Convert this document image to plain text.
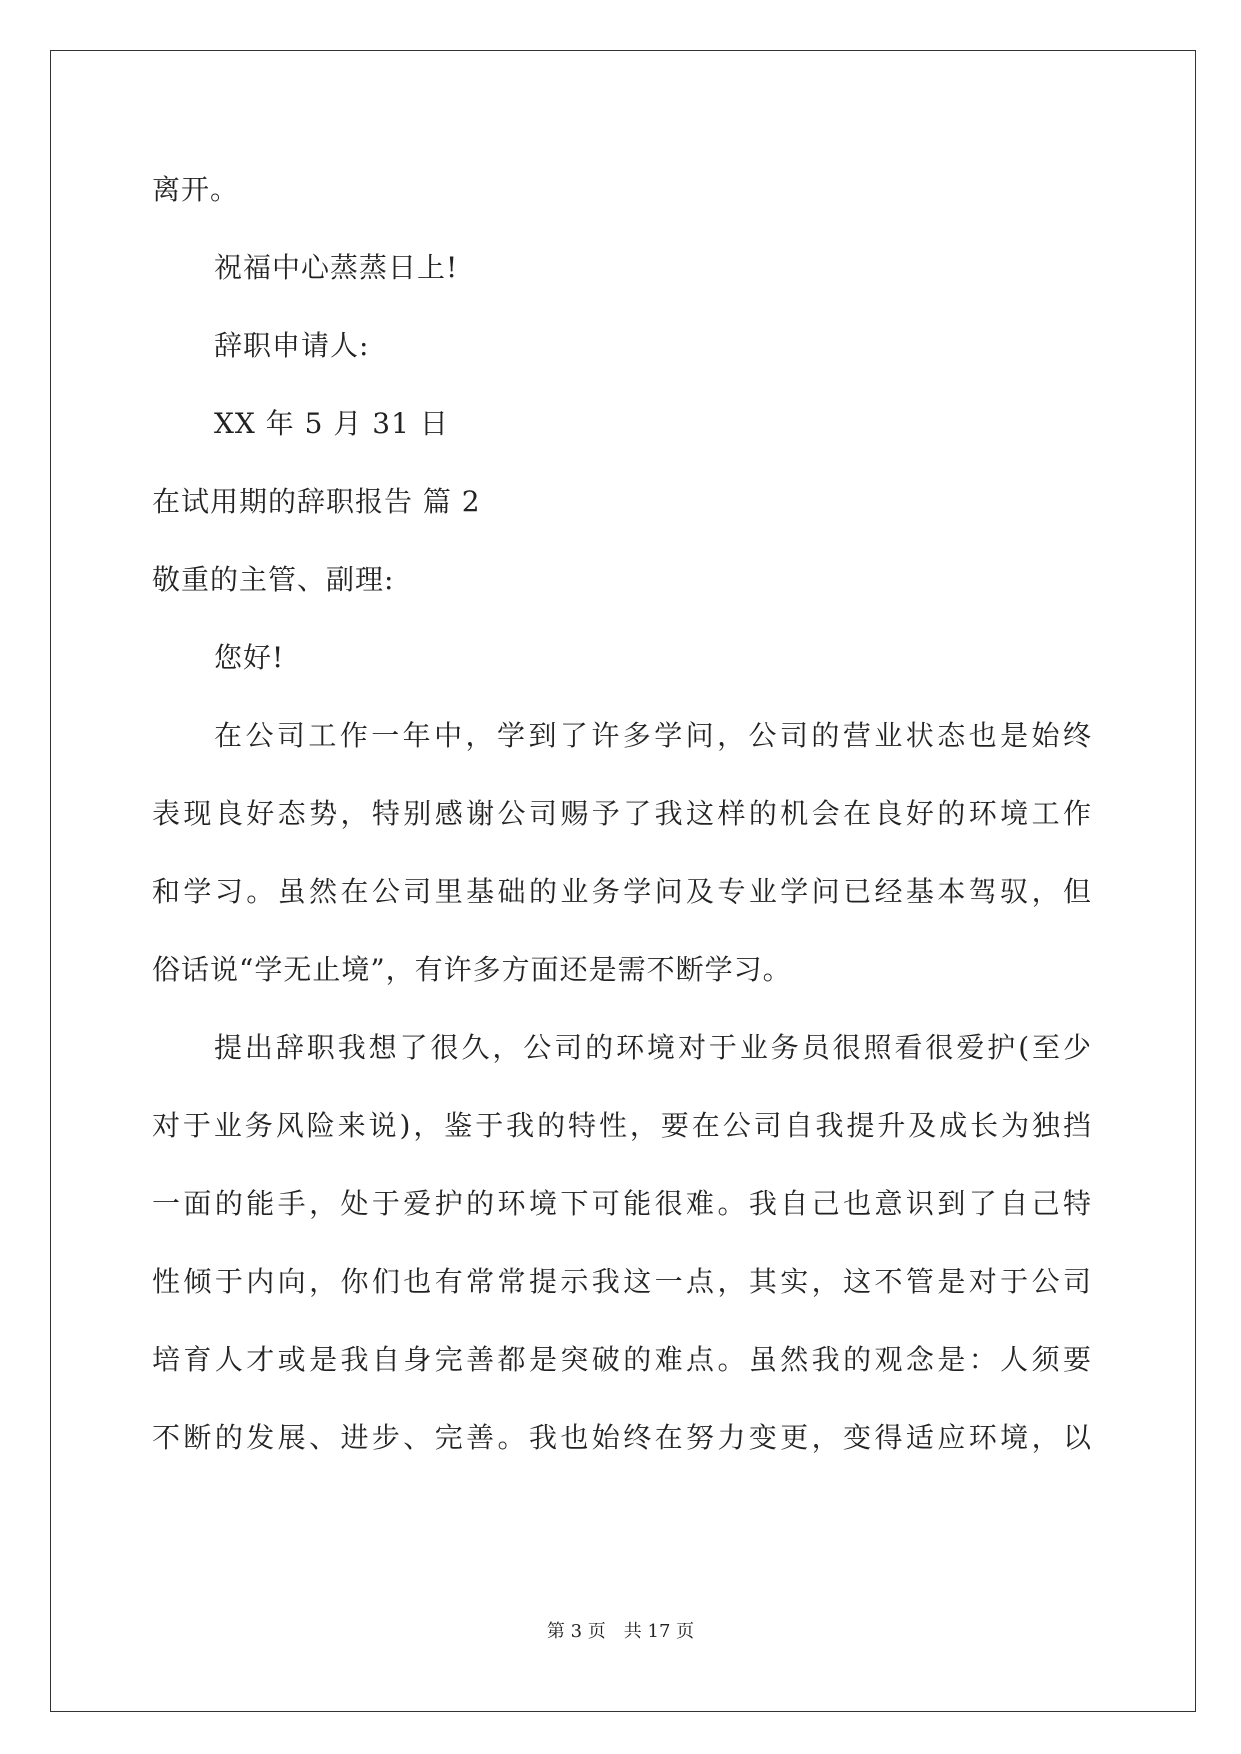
离开。
祝福中心蒸蒸日上!
辞职申请人:
XX 年 5 月 31 日
在试用期的辞职报告 篇 2
敬重的主管、副理:
您好!
在公司工作一年中，学到了许多学问，公司的营业状态也是始终
表现良好态势，特别感谢公司赐予了我这样的机会在良好的环境工作
和学习。虽然在公司里基础的业务学问及专业学问已经基本驾驭，但
俗话说“学无止境”，有许多方面还是需不断学习。
提出辞职我想了很久，公司的环境对于业务员很照看很爱护(至少
对于业务风险来说)，鉴于我的特性，要在公司自我提升及成长为独挡
一面的能手，处于爱护的环境下可能很难。我自己也意识到了自己特
性倾于内向，你们也有常常提示我这一点，其实，这不管是对于公司
培育人才或是我自身完善都是突破的难点。虽然我的观念是：人须要
不断的发展、进步、完善。我也始终在努力变更，变得适应环境，以
第 3 页　共 17 页
